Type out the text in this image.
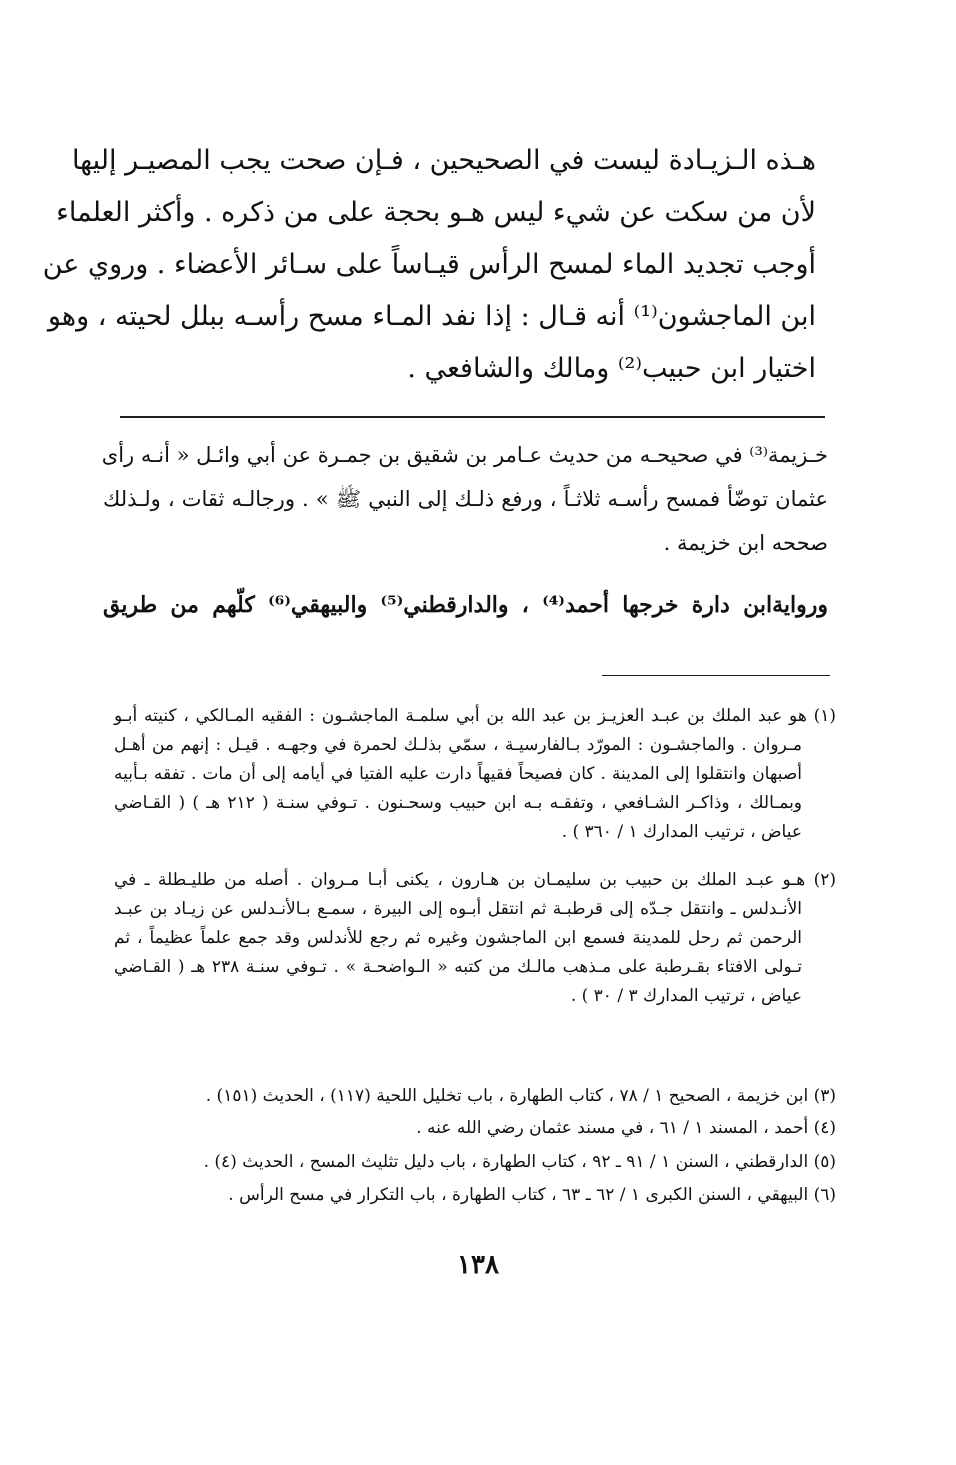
هـذه الـزيـادة ليست في الصحيحين ، فـإن صحت يجب المصيـر إليها

لأن من سكت عن شيء ليس هـو بحجة على من ذكره . وأكثر العلماء

أوجب تجديد الماء لمسح الرأس قيـاساً على سـائر الأعضاء . وروي عن

ابن الماجشون⁽¹⁾ أنه قـال : إذا نفد المـاء مسح رأسـه ببلل لحيته ، وهو

اختيار ابن حبيب⁽²⁾ ومالك والشافعي .

خـزيمة⁽³⁾ في صحيحـه من حديث عـامر بن شقيق بن جمـرة عن أبي وائـل « أنـه رأى

عثمان توضّأ فمسح رأسـه ثلاثـاً ، ورفع ذلـك إلى النبي ﷺ » . ورجالـه ثقات ، ولـذلك

صححه ابن خزيمة .

وروايةابن دارة خرجها أحمد⁽⁴⁾ ، والدارقطني⁽⁵⁾ والبيهقي⁽⁶⁾ كلّهم من طريق

(١) هو عبد الملك بن عبـد العزيـز بن عبد الله بن أبي سلمـة الماجشـون : الفقيه المـالكي ، كنيته أبـو

مـروان . والماجشـون : المورّد بـالفارسيـة ، سمّي بذلـك لحمرة في وجهـه . قيـل : إنهم من أهـل

أصبهان وانتقلوا إلى المدينة . كان فصيحاً فقيهاً دارت عليه الفتيا في أيامه إلى أن مات . تفقه بـأبيه

وبمـالك ، وذاكـر الشـافعي ، وتفقـه بـه ابن حبيب وسحـنون . تـوفي سنـة ( ٢١٢ هـ ) ( القـاضي

عياض ، ترتيب المدارك ١ / ٣٦٠ ) .

(٢) هـو عبـد الملك بن حبيب بن سليمـان بن هـارون ، يكنى أبـا مـروان . أصله من طليـطلة ـ في

الأنـدلس ـ وانتقل جـدّه إلى قرطبـة ثم انتقل أبـوه إلى البيرة ، سمـع بـالأنـدلس عن زيـاد بن عبـد

الرحمن ثم رحل للمدينة فسمع ابن الماجشون وغيره ثم رجع للأندلس وقد جمع علماً عظيماً ، ثم

تـولى الافتاء بقـرطبة على مـذهب مالـك من كتبه « الـواضحـة » . تـوفي سنـة ٢٣٨ هـ ( القـاضي

عياض ، ترتيب المدارك ٣ / ٣٠ ) .

(٣) ابن خزيمة ، الصحيح ١ / ٧٨ ، كتاب الطهارة ، باب تخليل اللحية (١١٧) ، الحديث (١٥١) .
(٤) أحمد ، المسند ١ / ٦١ ، في مسند عثمان رضي الله عنه .
(٥) الدارقطني ، السنن ١ / ٩١ ـ ٩٢ ، كتاب الطهارة ، باب دليل تثليث المسح ، الحديث (٤) .
(٦) البيهقي ، السنن الكبرى ١ / ٦٢ ـ ٦٣ ، كتاب الطهارة ، باب التكرار في مسح الرأس .
١٣٨
